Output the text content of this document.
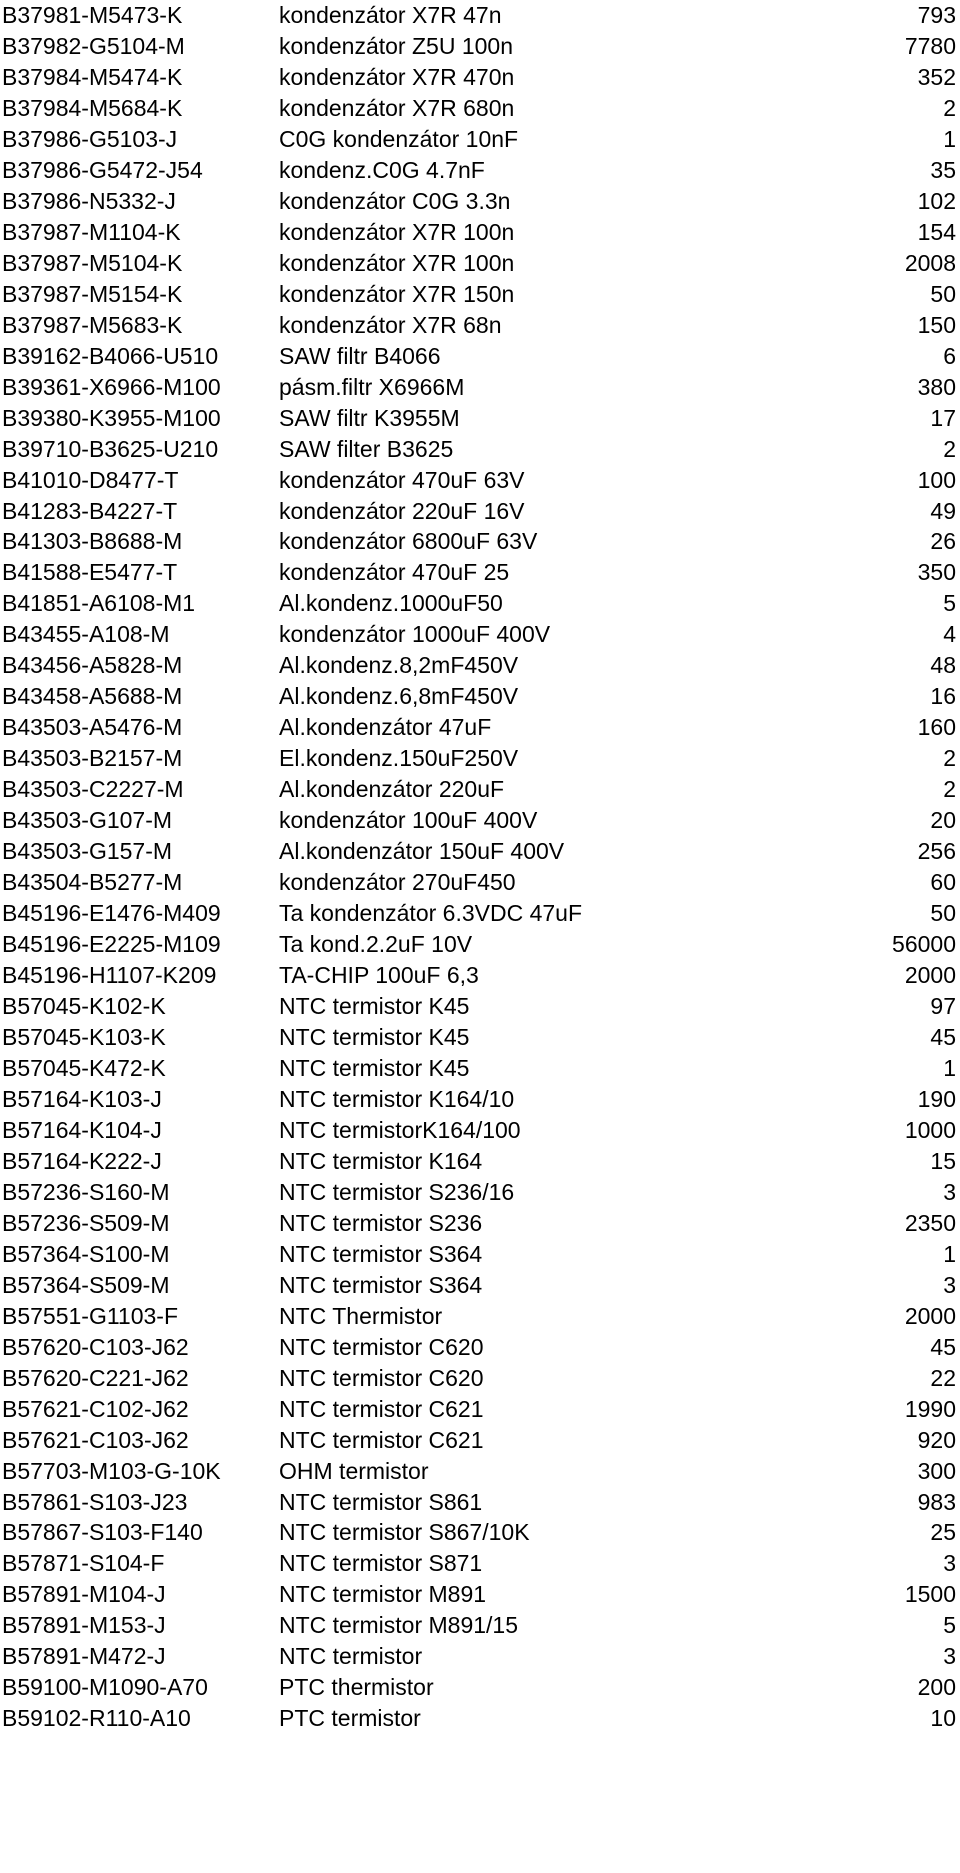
B37981-M5473-K	kondenzátor X7R 47n	793
B37982-G5104-M	kondenzátor Z5U 100n	7780
B37984-M5474-K	kondenzátor X7R 470n	352
B37984-M5684-K	kondenzátor X7R 680n	2
B37986-G5103-J	C0G kondenzátor 10nF	1
B37986-G5472-J54	kondenz.C0G 4.7nF	35
B37986-N5332-J	kondenzátor C0G 3.3n	102
B37987-M1104-K	kondenzátor X7R 100n	154
B37987-M5104-K	kondenzátor X7R 100n	2008
B37987-M5154-K	kondenzátor X7R 150n	50
B37987-M5683-K	kondenzátor X7R 68n	150
B39162-B4066-U510	SAW filtr B4066	6
B39361-X6966-M100	pásm.filtr X6966M	380
B39380-K3955-M100	SAW filtr K3955M	17
B39710-B3625-U210	SAW filter B3625	2
B41010-D8477-T	kondenzátor 470uF 63V	100
B41283-B4227-T	kondenzátor 220uF 16V	49
B41303-B8688-M	kondenzátor 6800uF 63V	26
B41588-E5477-T	kondenzátor 470uF 25	350
B41851-A6108-M1	Al.kondenz.1000uF50	5
B43455-A108-M	kondenzátor 1000uF 400V	4
B43456-A5828-M	Al.kondenz.8,2mF450V	48
B43458-A5688-M	Al.kondenz.6,8mF450V	16
B43503-A5476-M	Al.kondenzátor 47uF	160
B43503-B2157-M	El.kondenz.150uF250V	2
B43503-C2227-M	Al.kondenzátor 220uF	2
B43503-G107-M	kondenzátor 100uF 400V	20
B43503-G157-M	Al.kondenzátor 150uF 400V	256
B43504-B5277-M	kondenzátor 270uF450	60
B45196-E1476-M409	Ta kondenzátor 6.3VDC 47uF	50
B45196-E2225-M109	Ta kond.2.2uF 10V	56000
B45196-H1107-K209	TA-CHIP 100uF 6,3	2000
B57045-K102-K	NTC termistor K45	97
B57045-K103-K	NTC termistor K45	45
B57045-K472-K	NTC termistor K45	1
B57164-K103-J	NTC termistor K164/10	190
B57164-K104-J	NTC termistorK164/100	1000
B57164-K222-J	NTC termistor K164	15
B57236-S160-M	NTC termistor S236/16	3
B57236-S509-M	NTC termistor S236	2350
B57364-S100-M	NTC termistor S364	1
B57364-S509-M	NTC termistor S364	3
B57551-G1103-F	NTC Thermistor	2000
B57620-C103-J62	NTC termistor C620	45
B57620-C221-J62	NTC termistor C620	22
B57621-C102-J62	NTC termistor C621	1990
B57621-C103-J62	NTC termistor C621	920
B57703-M103-G-10K	OHM termistor	300
B57861-S103-J23	NTC termistor S861	983
B57867-S103-F140	NTC termistor S867/10K	25
B57871-S104-F	NTC termistor S871	3
B57891-M104-J	NTC termistor M891	1500
B57891-M153-J	NTC termistor M891/15	5
B57891-M472-J	NTC termistor	3
B59100-M1090-A70	PTC thermistor	200
B59102-R110-A10	PTC termistor	10
